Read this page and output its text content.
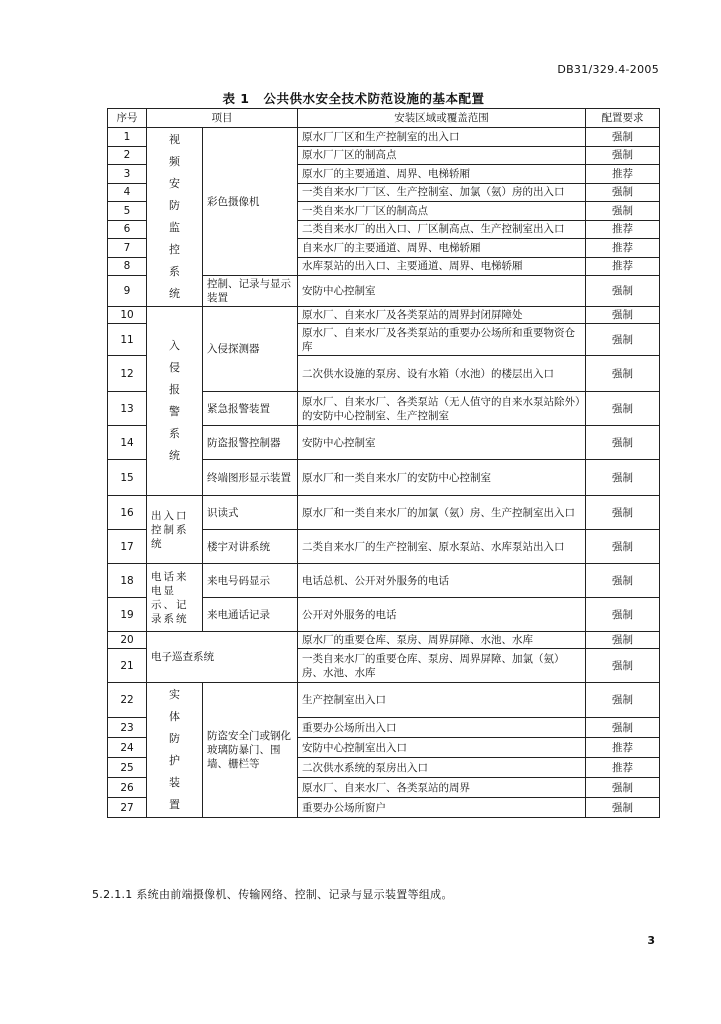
DB31/329.4-2005
表 1 公共供水安全技术防范设施的基本配置
序号	项目		安装区域或覆盖范围	配置要求
1	视频安防监控系统	彩色摄像机	原水厂厂区和生产控制室的出入口	强制
2			原水厂厂区的制高点	强制
3			原水厂的主要通道、周界、电梯轿厢	推荐
4			一类自来水厂厂区、生产控制室、加氯（氨）房的出入口	强制
5			一类自来水厂厂区的制高点	强制
6			二类自来水厂的出入口、厂区制高点、生产控制室出入口	推荐
7			自来水厂的主要通道、周界、电梯轿厢	推荐
8			水库泵站的出入口、主要通道、周界、电梯轿厢	推荐
9		控制、记录与显示装置	安防中心控制室	强制
10	入侵报警系统	入侵探测器	原水厂、自来水厂及各类泵站的周界封闭屏障处	强制
11			原水厂、自来水厂及各类泵站的重要办公场所和重要物资仓库	强制
12			二次供水设施的泵房、设有水箱（水池）的楼层出入口	强制
13		紧急报警装置	原水厂、自来水厂、各类泵站（无人值守的自来水泵站除外）的安防中心控制室、生产控制室	强制
14		防盗报警控制器	安防中心控制室	强制
15		终端图形显示装置	原水厂和一类自来水厂的安防中心控制室	强制
16	出入口控制系统	识读式	原水厂和一类自来水厂的加氯（氨）房、生产控制室出入口	强制
17		楼宇对讲系统	二类自来水厂的生产控制室、原水泵站、水库泵站出入口	强制
18	电话来电显示、记录系统	来电号码显示	电话总机、公开对外服务的电话	强制
19		来电通话记录	公开对外服务的电话	强制
20	电子巡查系统		原水厂的重要仓库、泵房、周界屏障、水池、水库	强制
21			一类自来水厂的重要仓库、泵房、周界屏障、加氯（氨）房、水池、水库	强制
22	实体防护装置	防盗安全门或钢化玻璃防暴门、围墙、栅栏等	生产控制室出入口	强制
23			重要办公场所出入口	强制
24			安防中心控制室出入口	推荐
25			二次供水系统的泵房出入口	推荐
26			原水厂、自来水厂、各类泵站的周界	强制
27			重要办公场所窗户	强制
5.2.1.1 系统由前端摄像机、传输网络、控制、记录与显示装置等组成。
3
